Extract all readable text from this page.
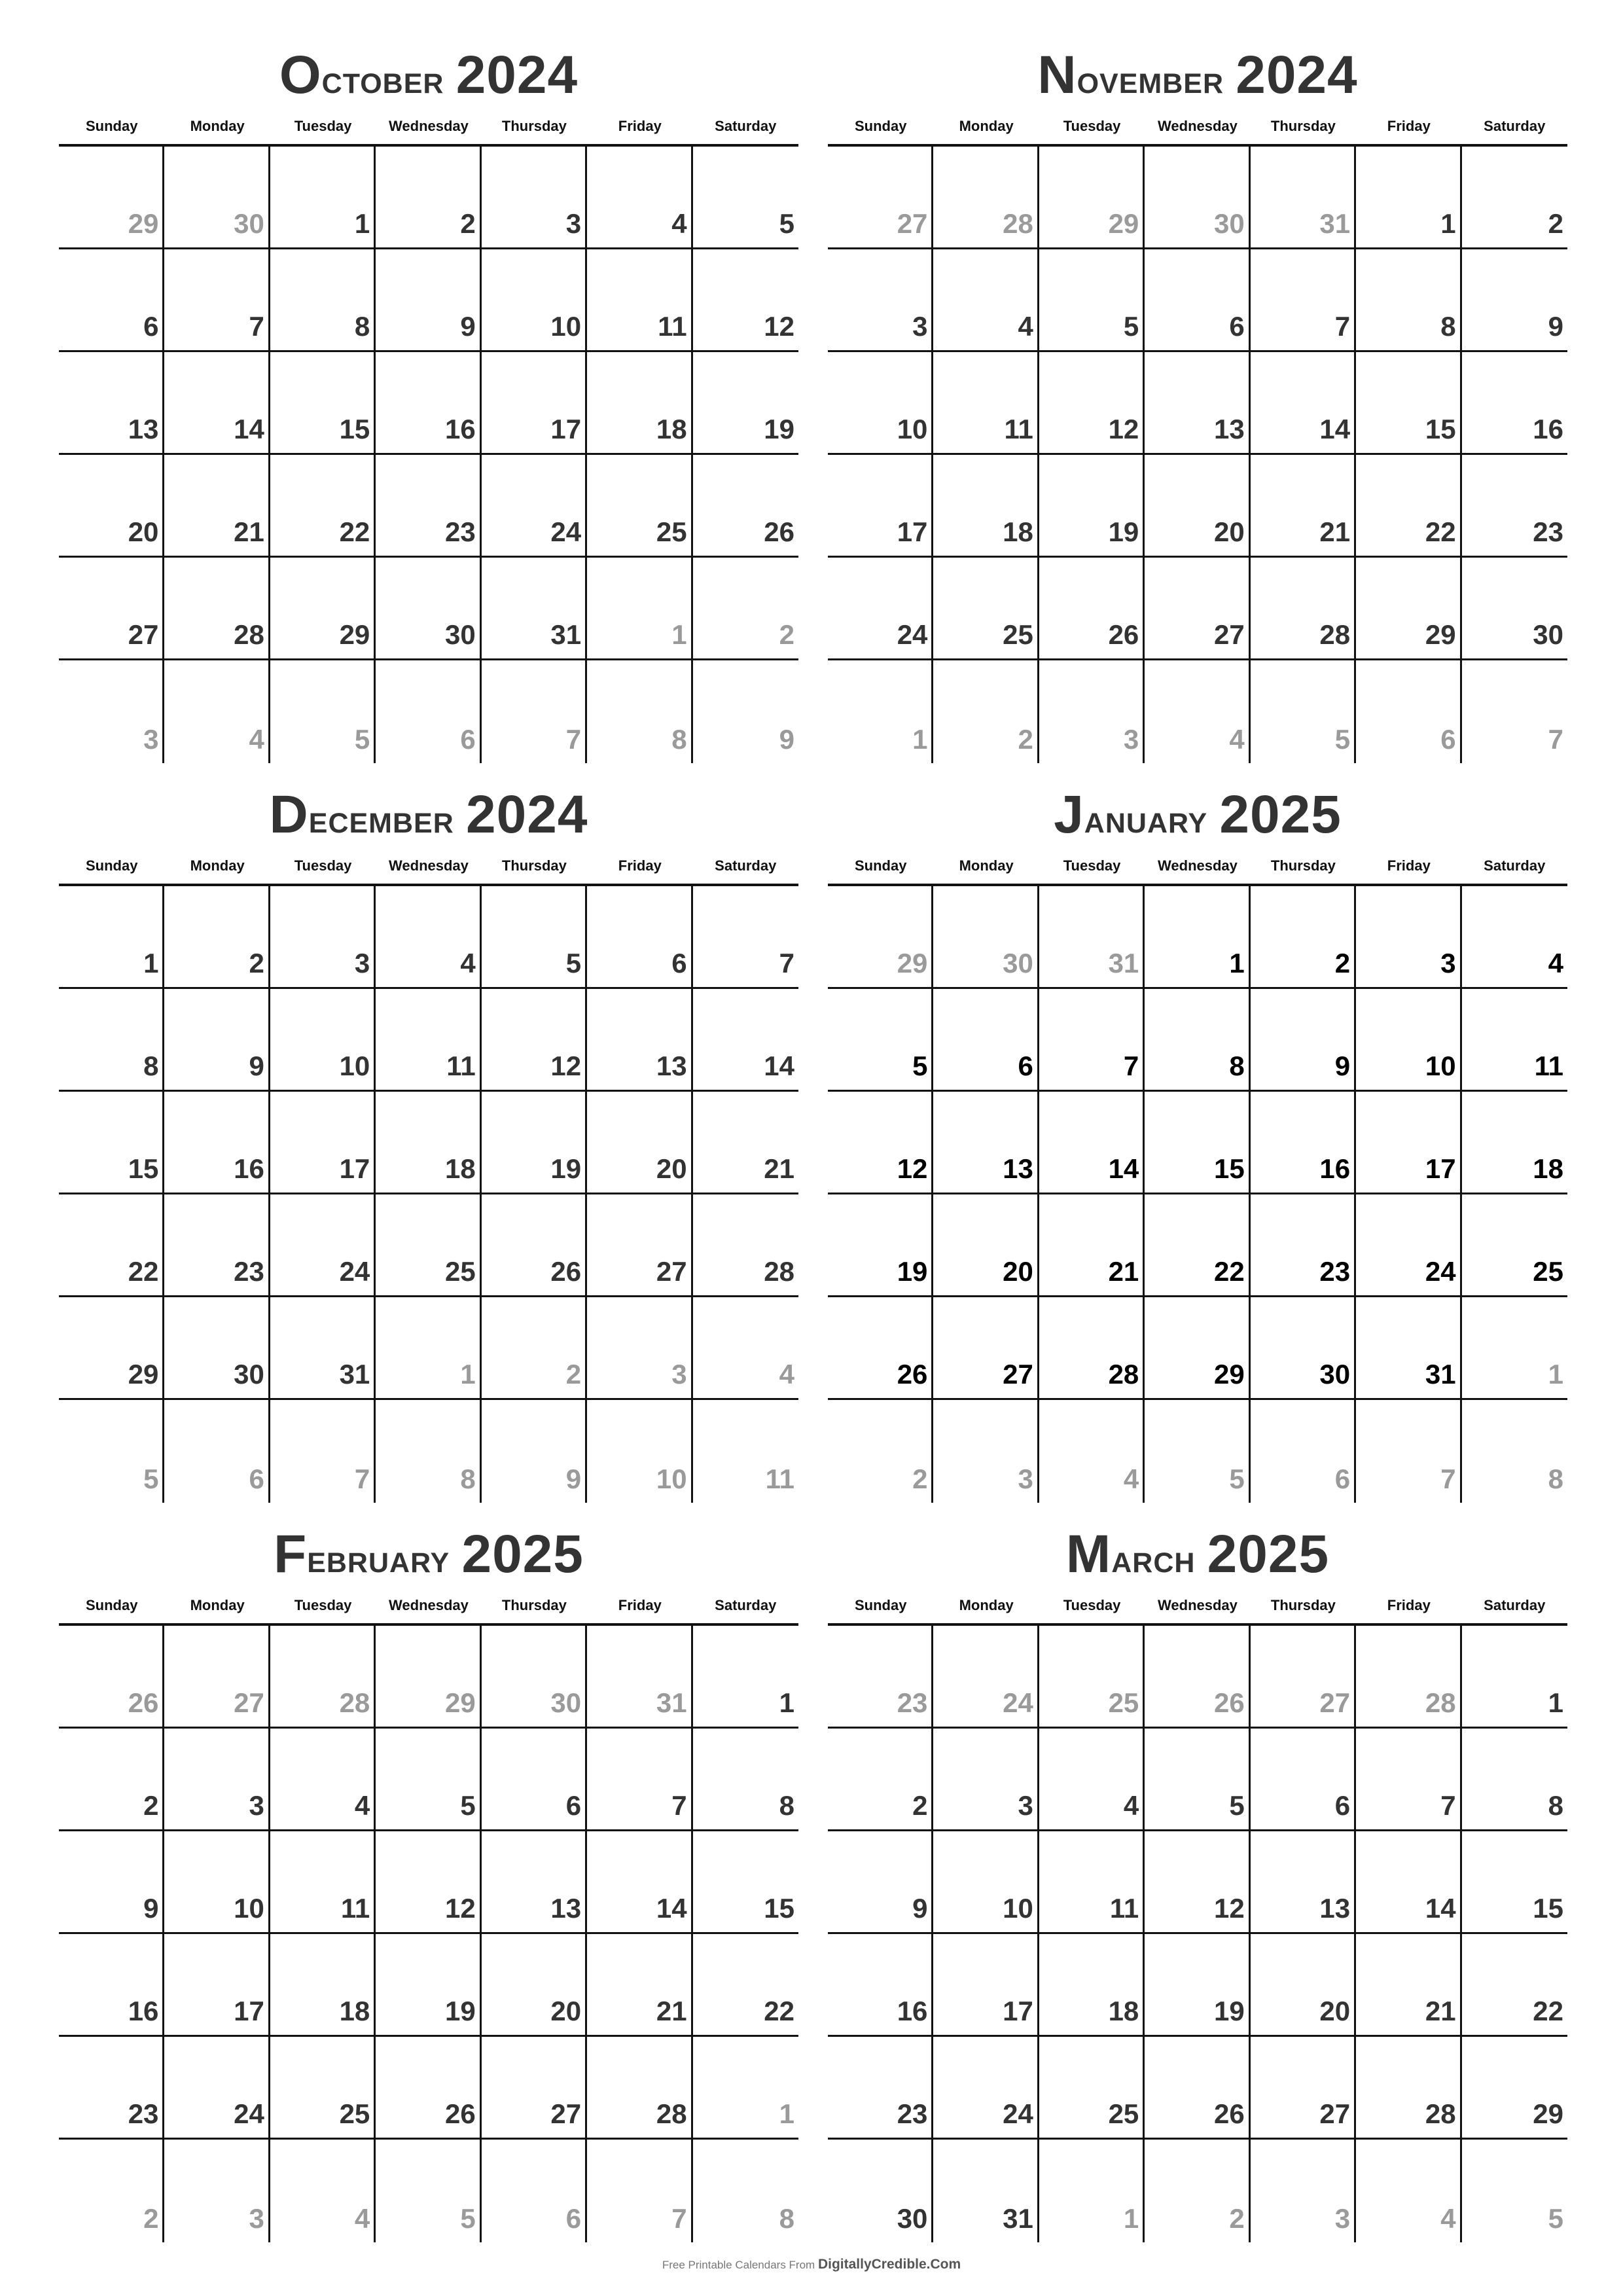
October 2024
Sunday	Monday	Tuesday	Wednesday	Thursday	Friday	Saturday
29	30	1	2	3	4	5
6	7	8	9	10	11	12
13	14	15	16	17	18	19
20	21	22	23	24	25	26
27	28	29	30	31	1	2
3	4	5	6	7	8	9
November 2024
Sunday	Monday	Tuesday	Wednesday	Thursday	Friday	Saturday
27	28	29	30	31	1	2
3	4	5	6	7	8	9
10	11	12	13	14	15	16
17	18	19	20	21	22	23
24	25	26	27	28	29	30
1	2	3	4	5	6	7
December 2024
Sunday	Monday	Tuesday	Wednesday	Thursday	Friday	Saturday
1	2	3	4	5	6	7
8	9	10	11	12	13	14
15	16	17	18	19	20	21
22	23	24	25	26	27	28
29	30	31	1	2	3	4
5	6	7	8	9	10	11
January 2025
Sunday	Monday	Tuesday	Wednesday	Thursday	Friday	Saturday
29	30	31	1	2	3	4
5	6	7	8	9	10	11
12	13	14	15	16	17	18
19	20	21	22	23	24	25
26	27	28	29	30	31	1
2	3	4	5	6	7	8
February 2025
Sunday	Monday	Tuesday	Wednesday	Thursday	Friday	Saturday
26	27	28	29	30	31	1
2	3	4	5	6	7	8
9	10	11	12	13	14	15
16	17	18	19	20	21	22
23	24	25	26	27	28	1
2	3	4	5	6	7	8
March 2025
Sunday	Monday	Tuesday	Wednesday	Thursday	Friday	Saturday
23	24	25	26	27	28	1
2	3	4	5	6	7	8
9	10	11	12	13	14	15
16	17	18	19	20	21	22
23	24	25	26	27	28	29
30	31	1	2	3	4	5
Free Printable Calendars From DigitallyCredible.Com
